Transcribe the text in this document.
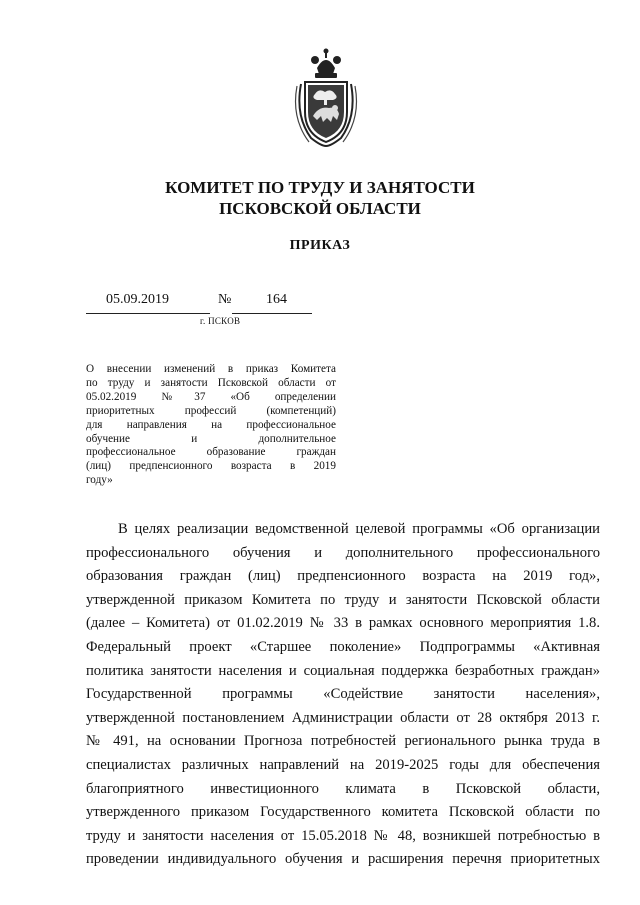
КОМИТЕТ ПО ТРУДУ И ЗАНЯТОСТИ
ПСКОВСКОЙ ОБЛАСТИ
ПРИКАЗ
05.09.2019	№ 164
г. ПСКОВ
О внесении изменений в приказ Комитета
по труду и занятости Псковской области от
05.02.2019 №37 «Об определении
приоритетных профессий (компетенций)
для направления на профессиональное
обучение и дополнительное
профессиональное образование граждан
(лиц) предпенсионного возраста в 2019
году»
В целях реализации ведомственной целевой программы «Об организации
профессионального обучения и дополнительного профессионального
образования граждан (лиц) предпенсионного возраста на 2019 год»,
утвержденной приказом Комитета по труду и занятости Псковской области
(далее – Комитета) от 01.02.2019 № 33 в рамках основного мероприятия 1.8.
Федеральный проект «Старшее поколение» Подпрограммы «Активная
политика занятости населения и социальная поддержка безработных граждан»
Государственной программы «Содействие занятости населения»,
утвержденной постановлением Администрации области от 28 октября 2013 г.
№ 491, на основании Прогноза потребностей регионального рынка труда в
специалистах различных направлений на 2019-2025 годы для обеспечения
благоприятного инвестиционного климата в Псковской области,
утвержденного приказом Государственного комитета Псковской области по
труду и занятости населения от 15.05.2018 № 48, возникшей потребностью в
проведении индивидуального обучения и расширения перечня приоритетных
